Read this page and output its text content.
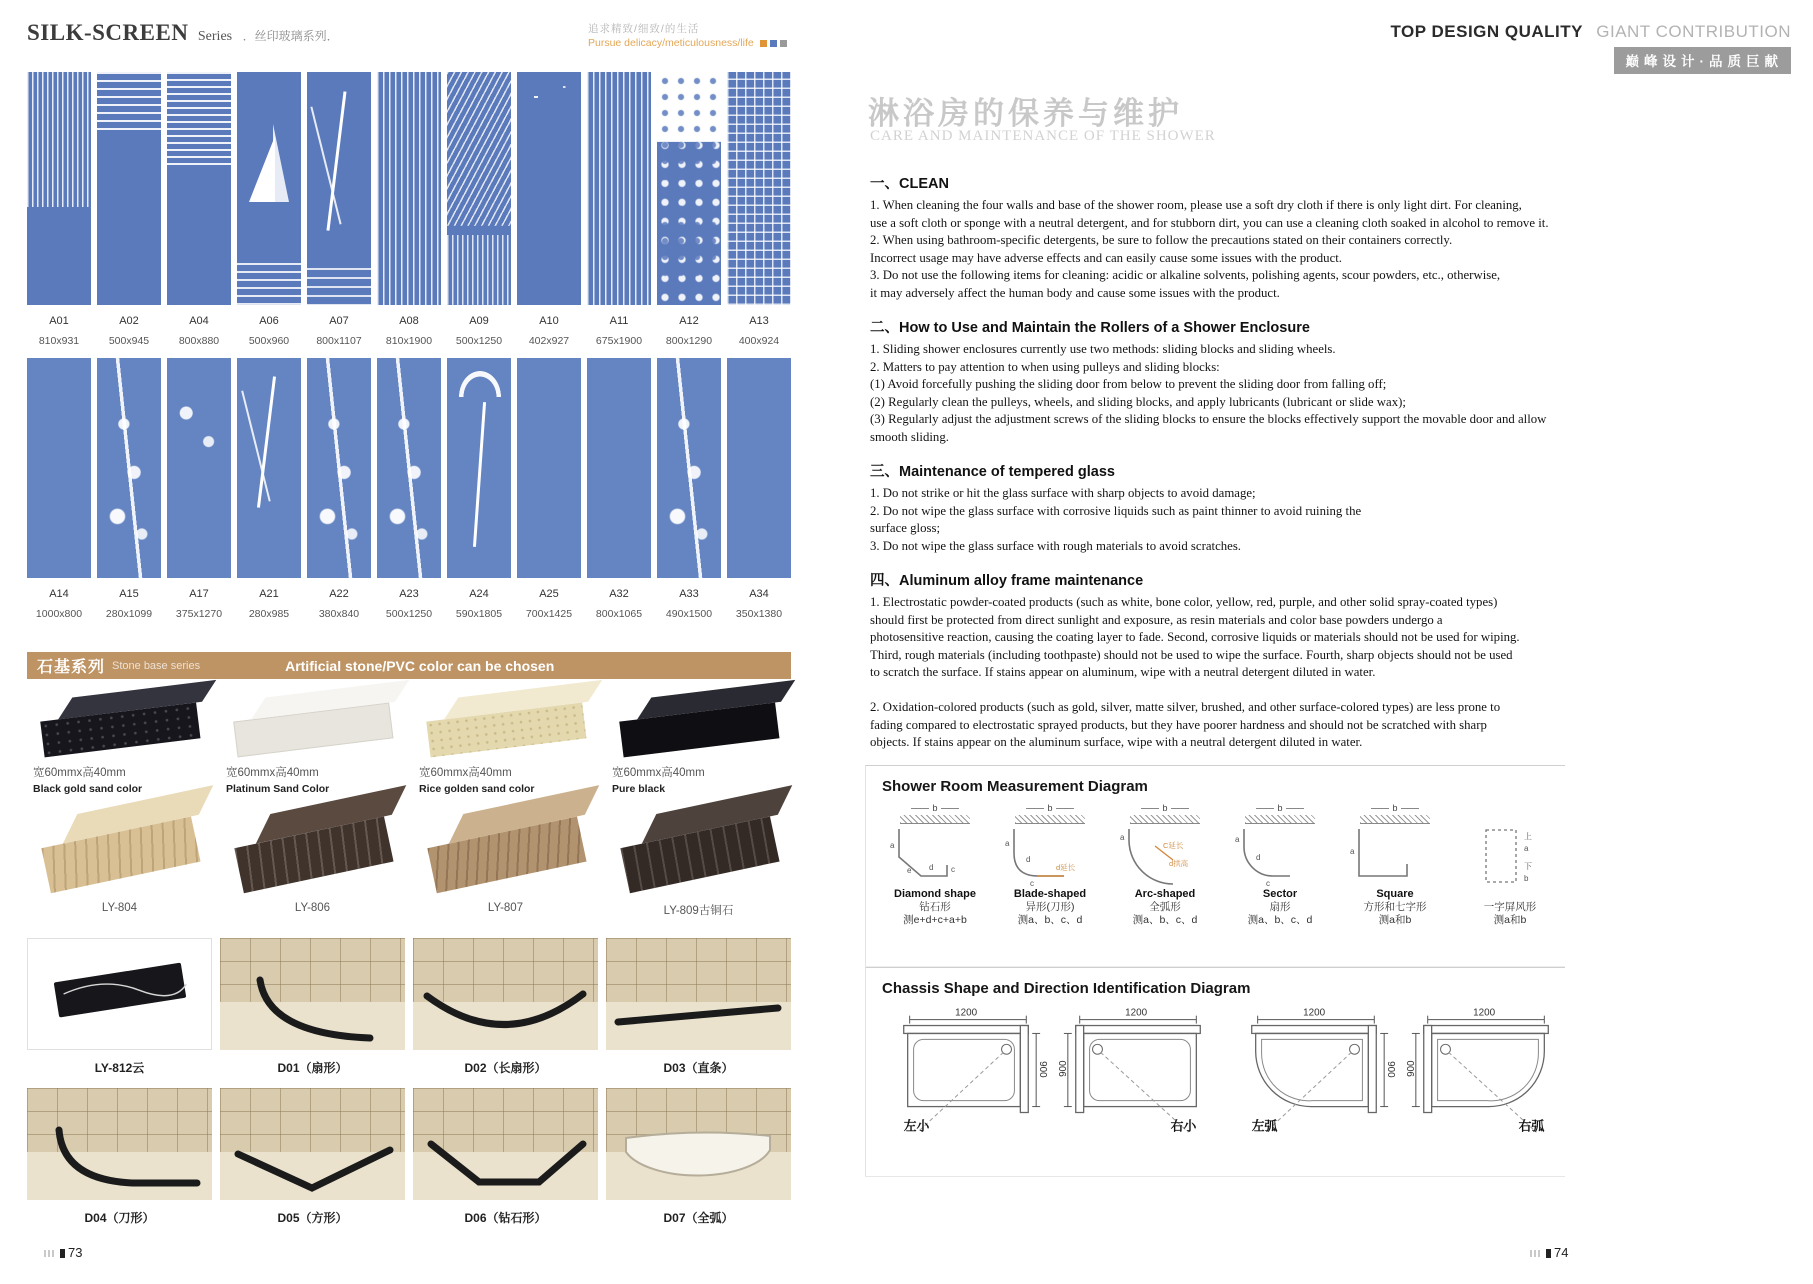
SILK-SCREEN Series ．丝印玻璃系列．	追求精致/细致/的生活
Pursue delicacy/meticulousness/life
TOP DESIGN QUALITY GIANT CONTRIBUTION
巅峰设计·品质巨献
A01
810x931
A02
500x945
A04
800x880
A06
500x960
A07
800x1107
A08
810x1900
A09
500x1250
A10
402x927
A11
675x1900
A12
800x1290
A13
400x924
A14
1000x800
A15
280x1099
A17
375x1270
A21
280x985
A22
380x840
A23
500x1250
A24
590x1805
A25
700x1425
A32
800x1065
A33
490x1500
A34
350x1380
石基系列 Stone base series	Artificial stone/PVC color can be chosen
宽60mmx高40mm
Black gold sand color
宽60mmx高40mm
Platinum Sand Color
宽60mmx高40mm
Rice golden sand color
宽60mmx高40mm
Pure black
LY-804	LY-806	LY-807	LY-809古铜石
LY-812云	D01（扇形）	D02（长扇形）	D03（直条）
D04（刀形）	D05（方形）	D06（钻石形）	D07（全弧）
73
淋浴房的保养与维护
CARE AND MAINTENANCE OF THE SHOWER
一、CLEAN
1. When cleaning the four walls and base of the shower room, please use a soft dry cloth if there is only light dirt. For cleaning,
use a soft cloth or sponge with a neutral detergent, and for stubborn dirt, you can use a cleaning cloth soaked in alcohol to remove it.
2. When using bathroom-specific detergents, be sure to follow the precautions stated on their containers correctly.
Incorrect usage may have adverse effects and can easily cause some issues with the product.
3. Do not use the following items for cleaning: acidic or alkaline solvents, polishing agents, scour powders, etc., otherwise,
it may adversely affect the human body and cause some issues with the product.
二、How to Use and Maintain the Rollers of a Shower Enclosure
1. Sliding shower enclosures currently use two methods: sliding blocks and sliding wheels.
2. Matters to pay attention to when using pulleys and sliding blocks:
(1) Avoid forcefully pushing the sliding door from below to prevent the sliding door from falling off;
(2) Regularly clean the pulleys, wheels, and sliding blocks, and apply lubricants (lubricant or slide wax);
(3) Regularly adjust the adjustment screws of the sliding blocks to ensure the blocks effectively support the movable door and allow
smooth sliding.
三、Maintenance of tempered glass
1. Do not strike or hit the glass surface with sharp objects to avoid damage;
2. Do not wipe the glass surface with corrosive liquids such as paint thinner to avoid ruining the
surface gloss;
3. Do not wipe the glass surface with rough materials to avoid scratches.
四、Aluminum alloy frame maintenance
1. Electrostatic powder-coated products (such as white, bone color, yellow, red, purple, and other solid spray-coated types)
should first be protected from direct sunlight and exposure, as resin materials and color base powders undergo a
photosensitive reaction, causing the coating layer to fade. Second, corrosive liquids or materials should not be used for wiping.
Third, rough materials (including toothpaste) should not be used to wipe the surface. Fourth, sharp objects should not be used
to scratch the surface. If stains appear on aluminum, wipe with a neutral detergent diluted in water.
2. Oxidation-colored products (such as gold, silver, matte silver, brushed, and other surface-colored types) are less prone to
fading compared to electrostatic sprayed products, but they have poorer hardness and should not be scratched with sharp
objects. If stains appear on the aluminum surface, wipe with a neutral detergent diluted in water.
Shower Room Measurement Diagram
b
a
c
d
e
Diamond shape
钻石形
测e+d+c+a+b
b
a
c
d
d延长
Blade-shaped
异形(刀形)
测a、b、c、d
b
a
C延长
d拱高
Arc-shaped
全弧形
测a、b、c、d
b
a
c
d
Sector
扇形
测a、b、c、d
b
a
Square
方形和七字形
测a和b
上
a
下
b
一字屏风形
测a和b
Chassis Shape and Direction Identification Diagram
1200
900
左小
1200
900
右小
1200
900
左弧
1200
900
右弧
74
